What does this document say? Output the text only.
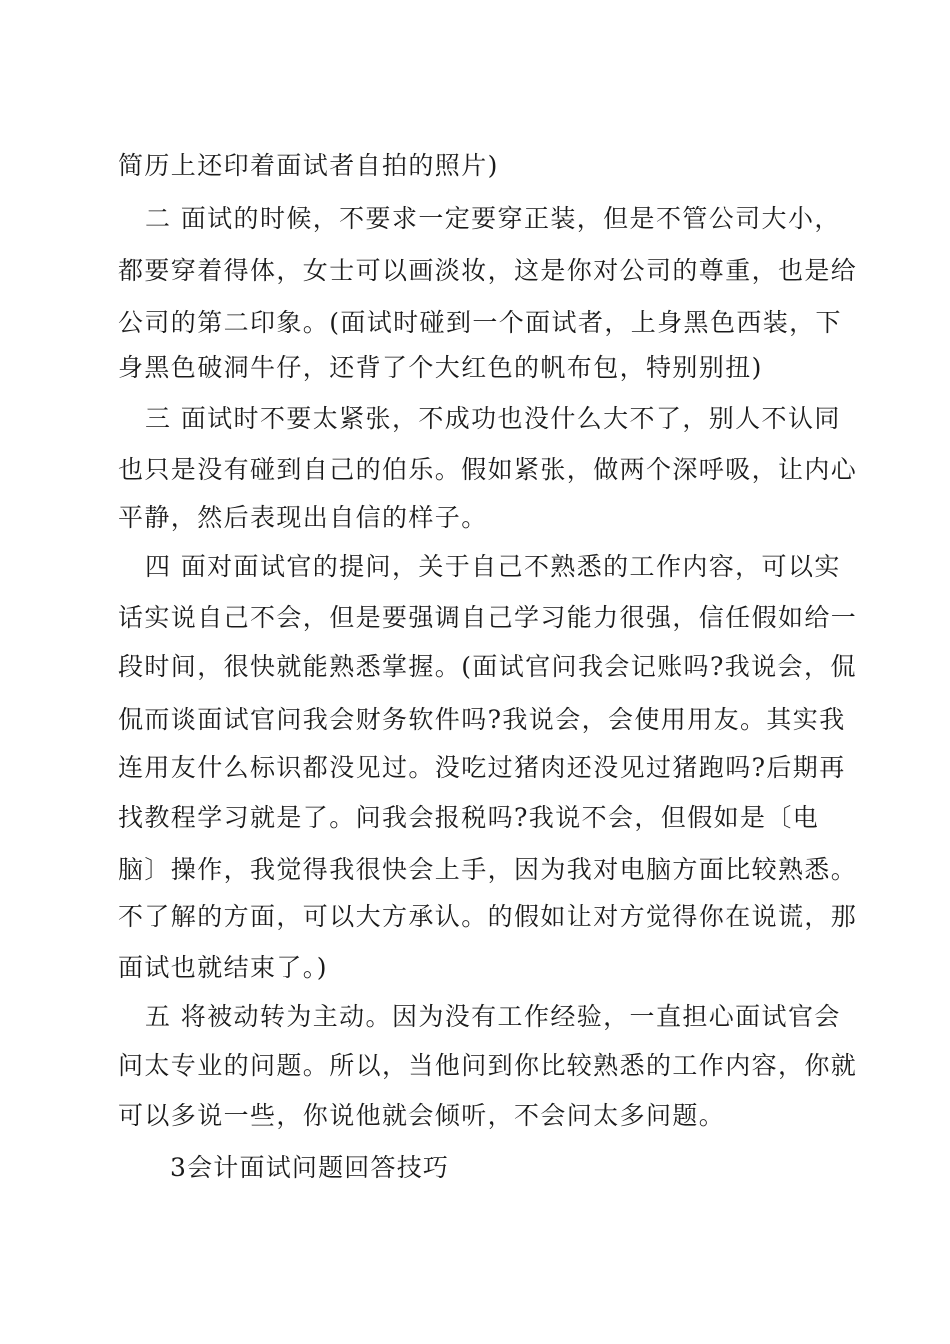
简历上还印着面试者自拍的照片)
二 面试的时候，不要求一定要穿正装，但是不管公司大小，
都要穿着得体，女士可以画淡妆，这是你对公司的尊重，也是给
公司的第二印象。(面试时碰到一个面试者，上身黑色西装，下
身黑色破洞牛仔，还背了个大红色的帆布包，特别别扭)
三 面试时不要太紧张，不成功也没什么大不了，别人不认同
也只是没有碰到自己的伯乐。假如紧张，做两个深呼吸，让内心
平静，然后表现出自信的样子。
四 面对面试官的提问，关于自己不熟悉的工作内容，可以实
话实说自己不会，但是要强调自己学习能力很强，信任假如给一
段时间，很快就能熟悉掌握。(面试官问我会记账吗?我说会，侃
侃而谈面试官问我会财务软件吗?我说会，会使用用友。其实我
连用友什么标识都没见过。没吃过猪肉还没见过猪跑吗?后期再
找教程学习就是了。问我会报税吗?我说不会，但假如是〔电
脑〕操作，我觉得我很快会上手，因为我对电脑方面比较熟悉。
不了解的方面，可以大方承认。的假如让对方觉得你在说谎，那
面试也就结束了。)
五 将被动转为主动。因为没有工作经验，一直担心面试官会
问太专业的问题。所以，当他问到你比较熟悉的工作内容，你就
可以多说一些，你说他就会倾听，不会问太多问题。
3会计面试问题回答技巧
